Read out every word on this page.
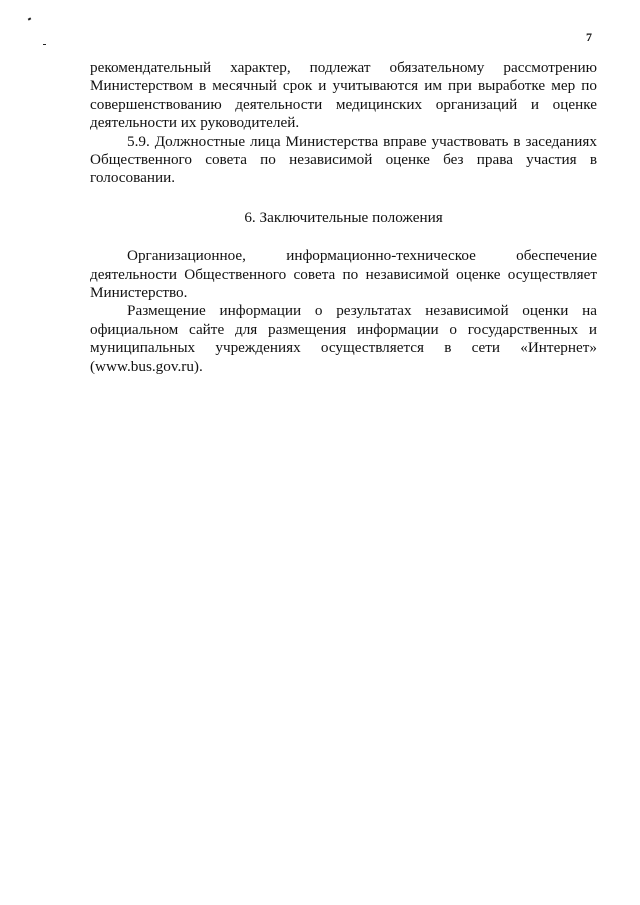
7

рекомендательный характер, подлежат обязательному рассмотрению Министерством в месячный срок и учитываются им при выработке мер по совершенствованию деятельности медицинских организаций и оценке деятельности их руководителей.

5.9. Должностные лица Министерства вправе участвовать в заседаниях Общественного совета по независимой оценке без права участия в голосовании.

6. Заключительные положения

Организационное, информационно-техническое обеспечение деятельности Общественного совета по независимой оценке осуществляет Министерство.

Размещение информации о результатах независимой оценки на официальном сайте для размещения информации о государственных и муниципальных учреждениях осуществляется в сети «Интернет» (www.bus.gov.ru).
